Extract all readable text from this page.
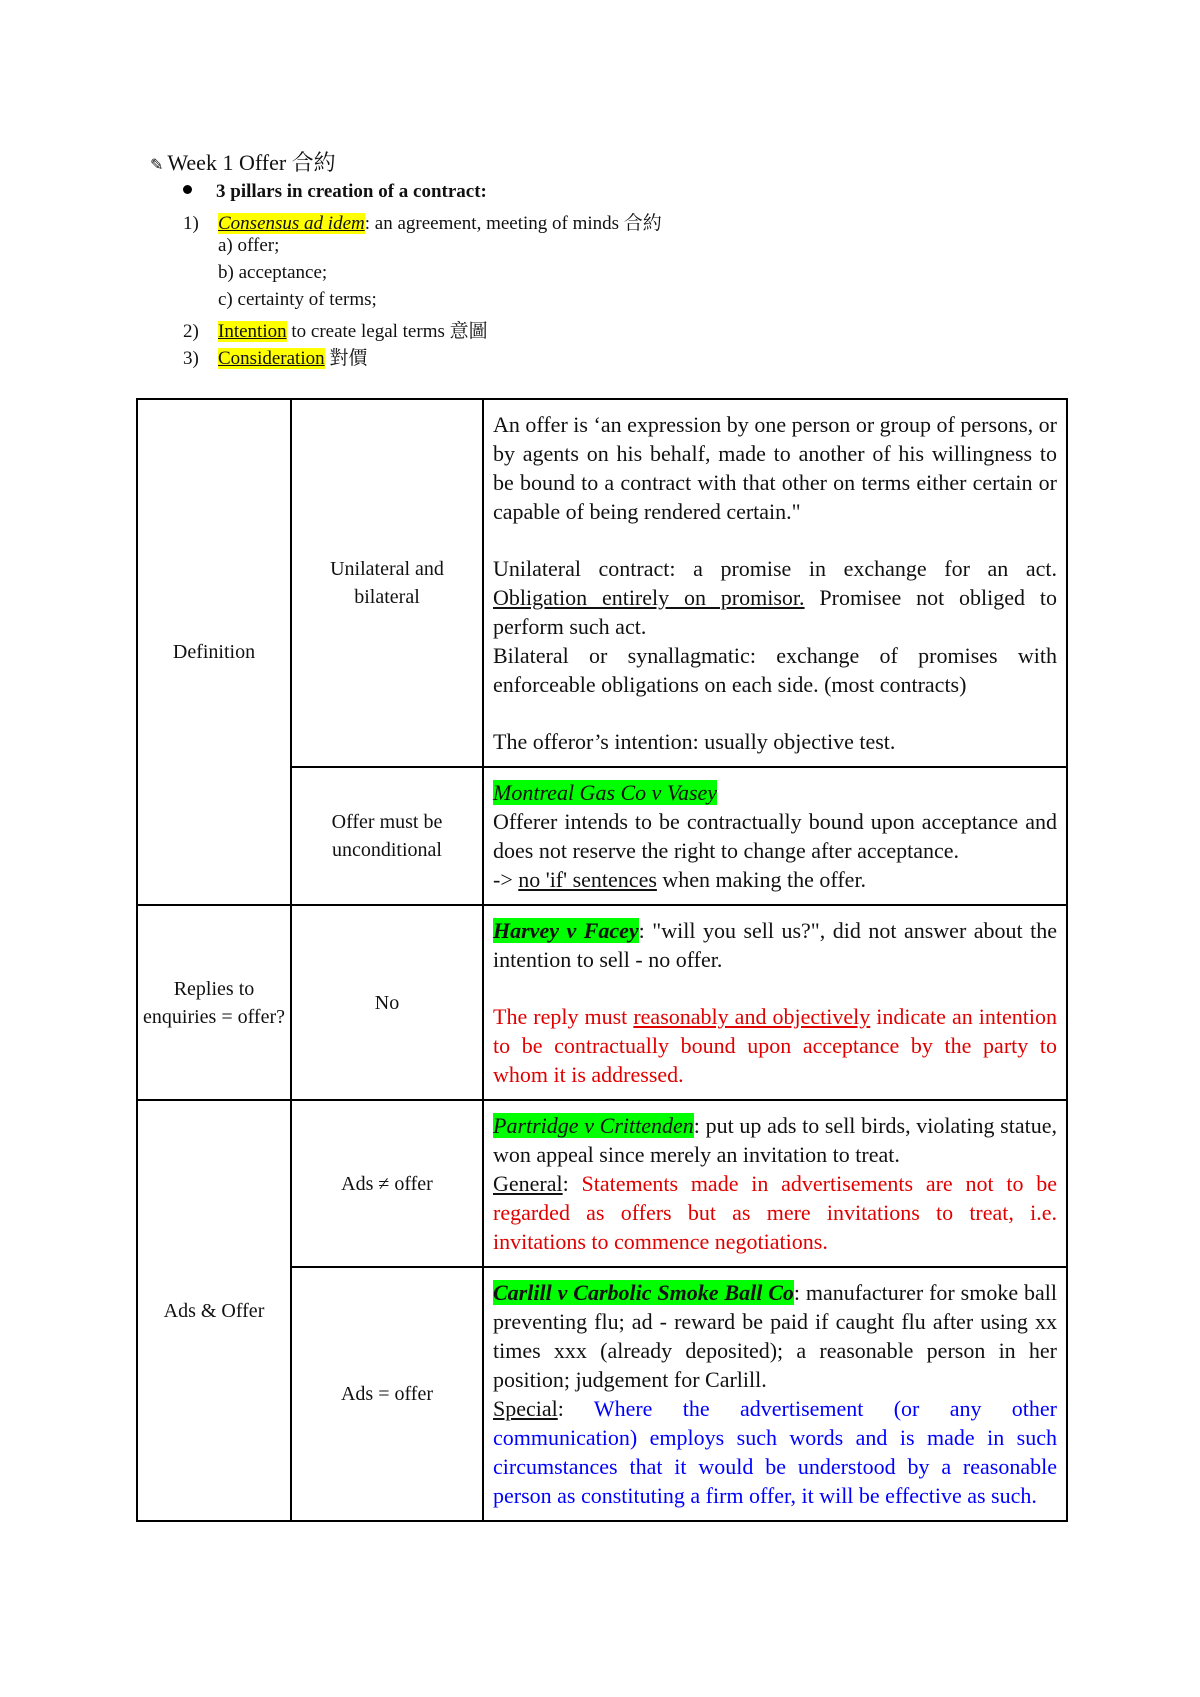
✎ Week 1 Offer 合約
3 pillars in creation of a contract:
1) Consensus ad idem: an agreement, meeting of minds 合約
a) offer;
b) acceptance;
c) certainty of terms;
2) Intention to create legal terms 意圖
3) Consideration 對價
Definition	Unilateral and bilateral	An offer is ‘an expression by one person or group of persons, or by agents on his behalf, made to another of his willingness to be bound to a contract with that other on terms either certain or capable of being rendered certain."

Unilateral contract: a promise in exchange for an act. Obligation entirely on promisor. Promisee not obliged to perform such act.

Bilateral or synallagmatic: exchange of promises with enforceable obligations on each side. (most contracts)

The offeror’s intention: usually objective test.

	Offer must be unconditional	Montreal Gas Co v Vasey

Offerer intends to be contractually bound upon acceptance and does not reserve the right to change after acceptance.

-> no 'if' sentences when making the offer.

Replies to enquiries = offer?	No	Harvey v Facey: "will you sell us?", did not answer about the intention to sell - no offer.

The reply must reasonably and objectively indicate an intention to be contractually bound upon acceptance by the party to whom it is addressed.

Ads & Offer	Ads ≠ offer	Partridge v Crittenden: put up ads to sell birds, violating statue, won appeal since merely an invitation to treat.

General: Statements made in advertisements are not to be regarded as offers but as mere invitations to treat, i.e. invitations to commence negotiations.

	Ads = offer	Carlill v Carbolic Smoke Ball Co: manufacturer for smoke ball preventing flu; ad - reward be paid if caught flu after using xx times xxx (already deposited); a reasonable person in her position; judgement for Carlill.

Special: Where the advertisement (or any other communication) employs such words and is made in such circumstances that it would be understood by a reasonable person as constituting a firm offer, it will be effective as such.
